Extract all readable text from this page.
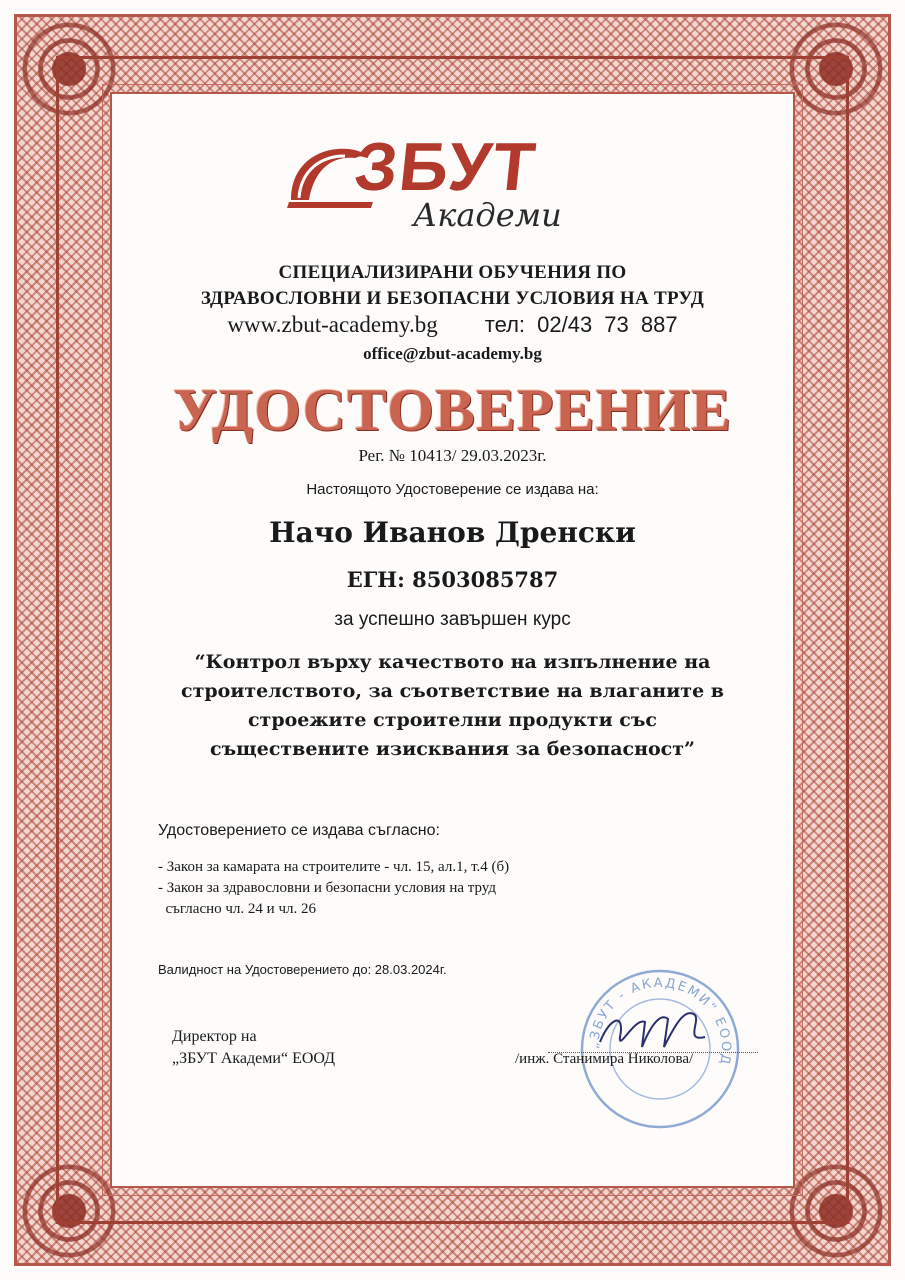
ЗБУТ
Академи
СПЕЦИАЛИЗИРАНИ ОБУЧЕНИЯ ПО
ЗДРАВОСЛОВНИ И БЕЗОПАСНИ УСЛОВИЯ НА ТРУД
www.zbut-academy.bg тел: 02/43 73 887
office@zbut-academy.bg
УДОСТОВЕРЕНИЕ
Рег. № 10413/ 29.03.2023г.
Настоящото Удостоверение се издава на:
Начо Иванов Дренски
ЕГН: 8503085787
за успешно завършен курс
“Контрол върху качеството на изпълнение на
строителството, за съответствие на влаганите в
строежите строителни продукти със
съществените изисквания за безопасност”
Удостоверението се издава съгласно:
- Закон за камарата на строителите - чл. 15, ал.1, т.4 (б)
- Закон за здравословни и безопасни условия на труд
съгласно чл. 24 и чл. 26
Валидност на Удостоверението до: 28.03.2024г.
Директор на
„ЗБУТ Академи“ ЕООД
„ЗБУТ - АКАДЕМИ“ ЕООД
/инж. Станимира Николова/
